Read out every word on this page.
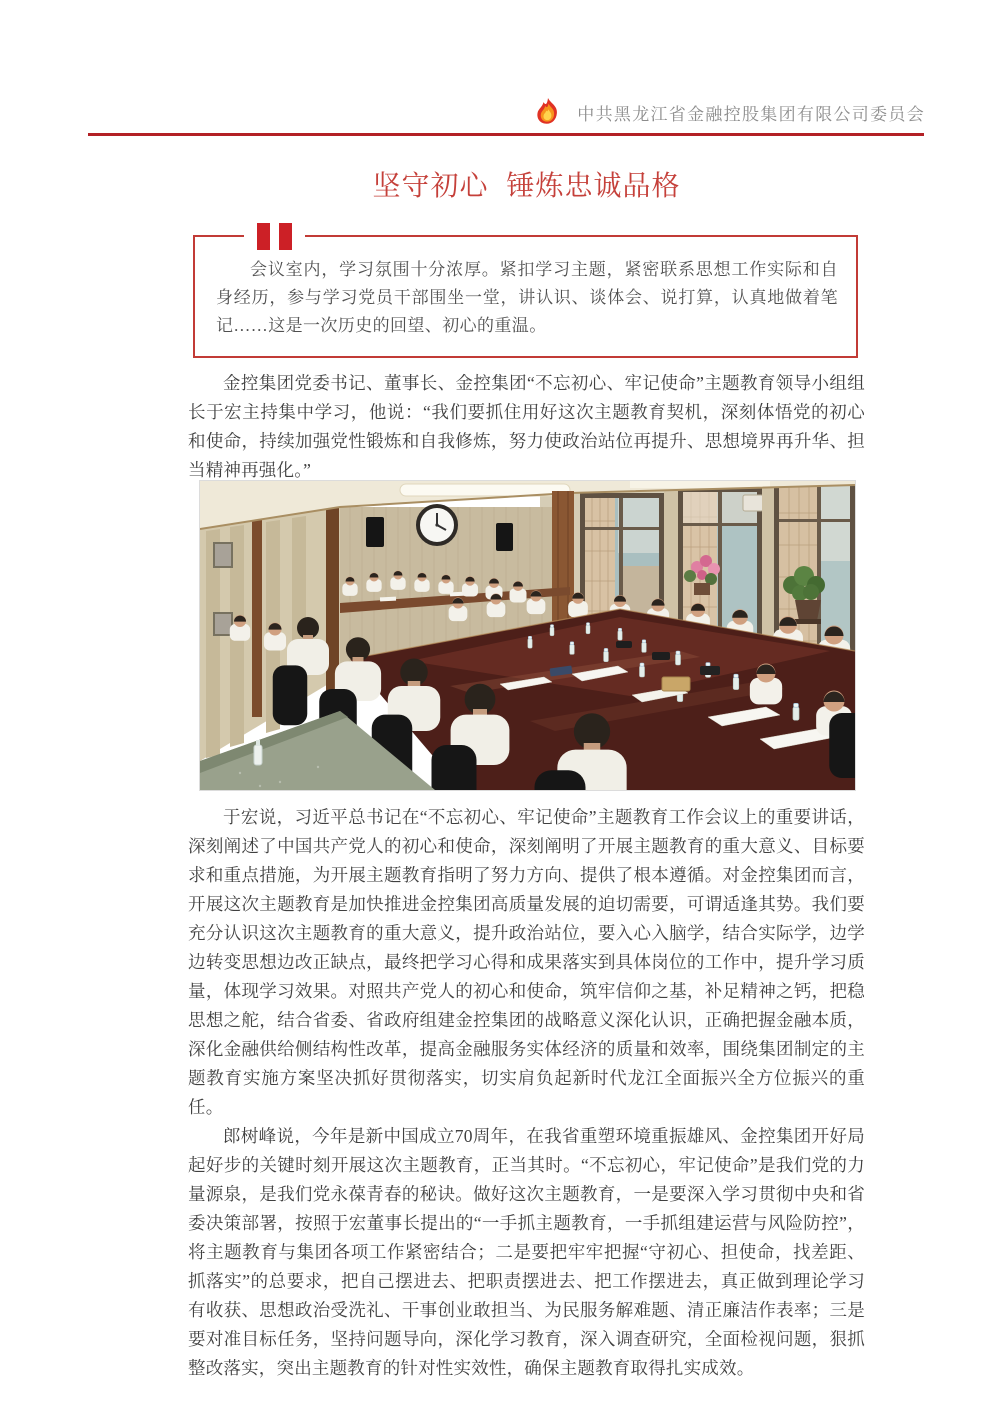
中共黑龙江省金融控股集团有限公司委员会
坚守初心 锤炼忠诚品格
会议室内，学习氛围十分浓厚。紧扣学习主题，紧密联系思想工作实际和自身经历，参与学习党员干部围坐一堂，讲认识、谈体会、说打算，认真地做着笔记……这是一次历史的回望、初心的重温。

金控集团党委书记、董事长、金控集团“不忘初心、牢记使命”主题教育领导小组组长于宏主持集中学习，他说：“我们要抓住用好这次主题教育契机，深刻体悟党的初心和使命，持续加强党性锻炼和自我修炼，努力使政治站位再提升、思想境界再升华、担当精神再强化。”

于宏说，习近平总书记在“不忘初心、牢记使命”主题教育工作会议上的重要讲话，深刻阐述了中国共产党人的初心和使命，深刻阐明了开展主题教育的重大意义、目标要求和重点措施，为开展主题教育指明了努力方向、提供了根本遵循。对金控集团而言，开展这次主题教育是加快推进金控集团高质量发展的迫切需要，可谓适逢其势。我们要充分认识这次主题教育的重大意义，提升政治站位，要入心入脑学，结合实际学，边学边转变思想边改正缺点，最终把学习心得和成果落实到具体岗位的工作中，提升学习质量，体现学习效果。对照共产党人的初心和使命，筑牢信仰之基，补足精神之钙，把稳思想之舵，结合省委、省政府组建金控集团的战略意义深化认识，正确把握金融本质，深化金融供给侧结构性改革，提高金融服务实体经济的质量和效率，围绕集团制定的主题教育实施方案坚决抓好贯彻落实，切实肩负起新时代龙江全面振兴全方位振兴的重任。

郎树峰说，今年是新中国成立70周年，在我省重塑环境重振雄风、金控集团开好局起好步的关键时刻开展这次主题教育，正当其时。“不忘初心，牢记使命”是我们党的力量源泉，是我们党永葆青春的秘诀。做好这次主题教育，一是要深入学习贯彻中央和省委决策部署，按照于宏董事长提出的“一手抓主题教育，一手抓组建运营与风险防控”，将主题教育与集团各项工作紧密结合；二是要把牢牢把握“守初心、担使命，找差距、抓落实”的总要求，把自己摆进去、把职责摆进去、把工作摆进去，真正做到理论学习有收获、思想政治受洗礼、干事创业敢担当、为民服务解难题、清正廉洁作表率；三是要对准目标任务，坚持问题导向，深化学习教育，深入调查研究，全面检视问题，狠抓整改落实，突出主题教育的针对性实效性，确保主题教育取得扎实成效。
